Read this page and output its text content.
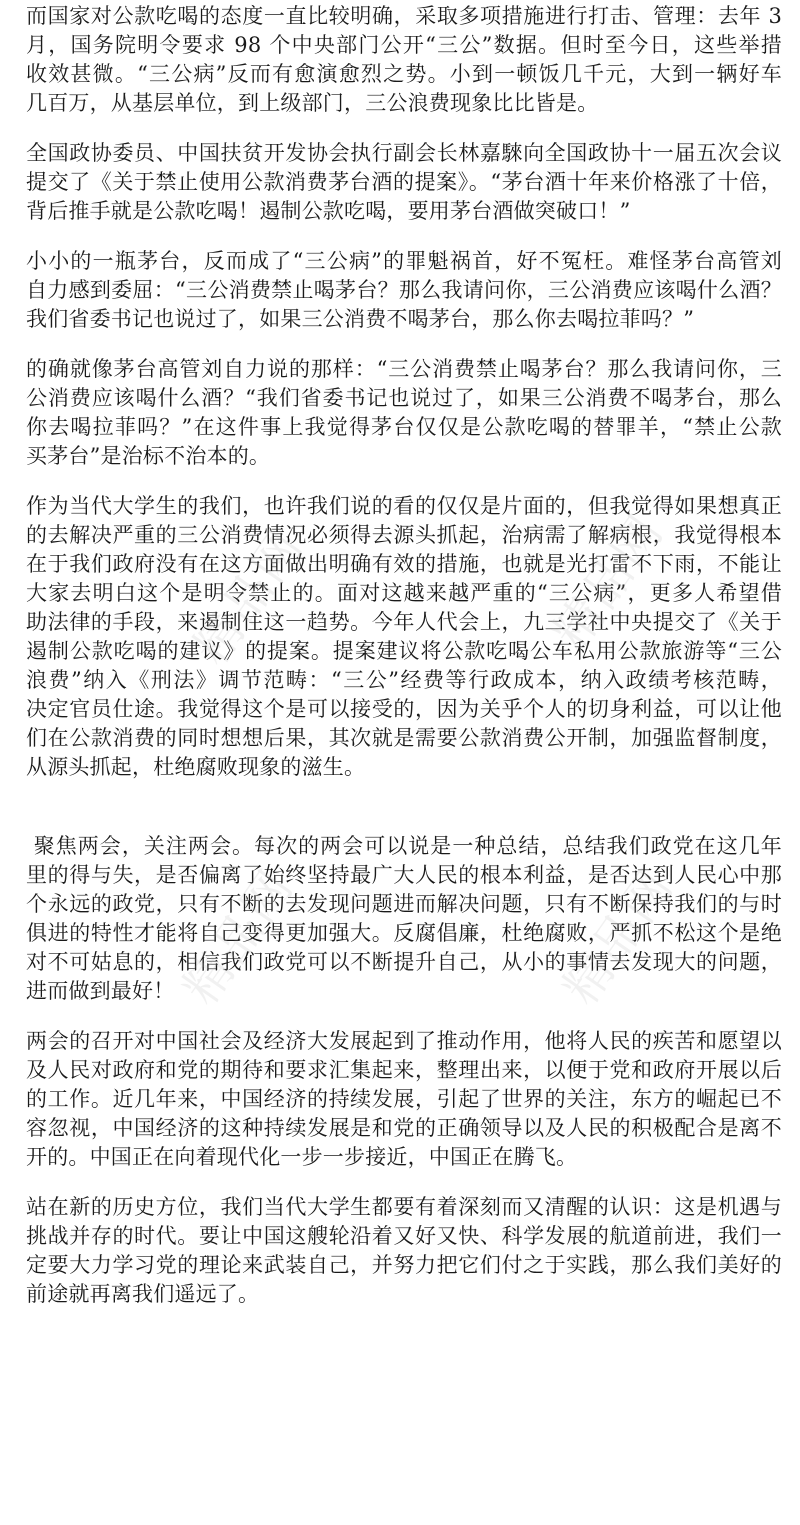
而国家对公款吃喝的态度一直比较明确，采取多项措施进行打击、管理：去年 3
月，国务院明令要求 98 个中央部门公开“三公”数据。但时至今日，这些举措
收效甚微。“三公病”反而有愈演愈烈之势。小到一顿饭几千元，大到一辆好车
几百万，从基层单位，到上级部门，三公浪费现象比比皆是。

全国政协委员、中国扶贫开发协会执行副会长林嘉騋向全国政协十一届五次会议
提交了《关于禁止使用公款消费茅台酒的提案》。“茅台酒十年来价格涨了十倍，
背后推手就是公款吃喝！遏制公款吃喝，要用茅台酒做突破口！”

小小的一瓶茅台，反而成了“三公病”的罪魁祸首，好不冤枉。难怪茅台高管刘
自力感到委屈：“三公消费禁止喝茅台？那么我请问你，三公消费应该喝什么酒？
我们省委书记也说过了，如果三公消费不喝茅台，那么你去喝拉菲吗？”

的确就像茅台高管刘自力说的那样：“三公消费禁止喝茅台？那么我请问你，三
公消费应该喝什么酒？“我们省委书记也说过了，如果三公消费不喝茅台，那么
你去喝拉菲吗？”在这件事上我觉得茅台仅仅是公款吃喝的替罪羊，“禁止公款
买茅台”是治标不治本的。

作为当代大学生的我们，也许我们说的看的仅仅是片面的，但我觉得如果想真正
的去解决严重的三公消费情况必须得去源头抓起，治病需了解病根，我觉得根本
在于我们政府没有在这方面做出明确有效的措施，也就是光打雷不下雨，不能让
大家去明白这个是明令禁止的。面对这越来越严重的“三公病”，更多人希望借
助法律的手段，来遏制住这一趋势。今年人代会上，九三学社中央提交了《关于
遏制公款吃喝的建议》的提案。提案建议将公款吃喝公车私用公款旅游等“三公
浪费”纳入《刑法》调节范畴：“三公”经费等行政成本，纳入政绩考核范畴，
决定官员仕途。我觉得这个是可以接受的，因为关乎个人的切身利益，可以让他
们在公款消费的同时想想后果，其次就是需要公款消费公开制，加强监督制度，
从源头抓起，杜绝腐败现象的滋生。

聚焦两会，关注两会。每次的两会可以说是一种总结，总结我们政党在这几年
里的得与失，是否偏离了始终坚持最广大人民的根本利益，是否达到人民心中那
个永远的政党，只有不断的去发现问题进而解决问题，只有不断保持我们的与时
俱进的特性才能将自己变得更加强大。反腐倡廉，杜绝腐败，严抓不松这个是绝
对不可姑息的，相信我们政党可以不断提升自己，从小的事情去发现大的问题，
进而做到最好！

两会的召开对中国社会及经济大发展起到了推动作用，他将人民的疾苦和愿望以
及人民对政府和党的期待和要求汇集起来，整理出来，以便于党和政府开展以后
的工作。近几年来，中国经济的持续发展，引起了世界的关注，东方的崛起已不
容忽视，中国经济的这种持续发展是和党的正确领导以及人民的积极配合是离不
开的。中国正在向着现代化一步一步接近，中国正在腾飞。

站在新的历史方位，我们当代大学生都要有着深刻而又清醒的认识：这是机遇与
挑战并存的时代。要让中国这艘轮沿着又好又快、科学发展的航道前进，我们一
定要大力学习党的理论来武装自己，并努力把它们付之于实践，那么我们美好的
前途就再离我们遥远了。

精品网	精品网
精品网	精品网
